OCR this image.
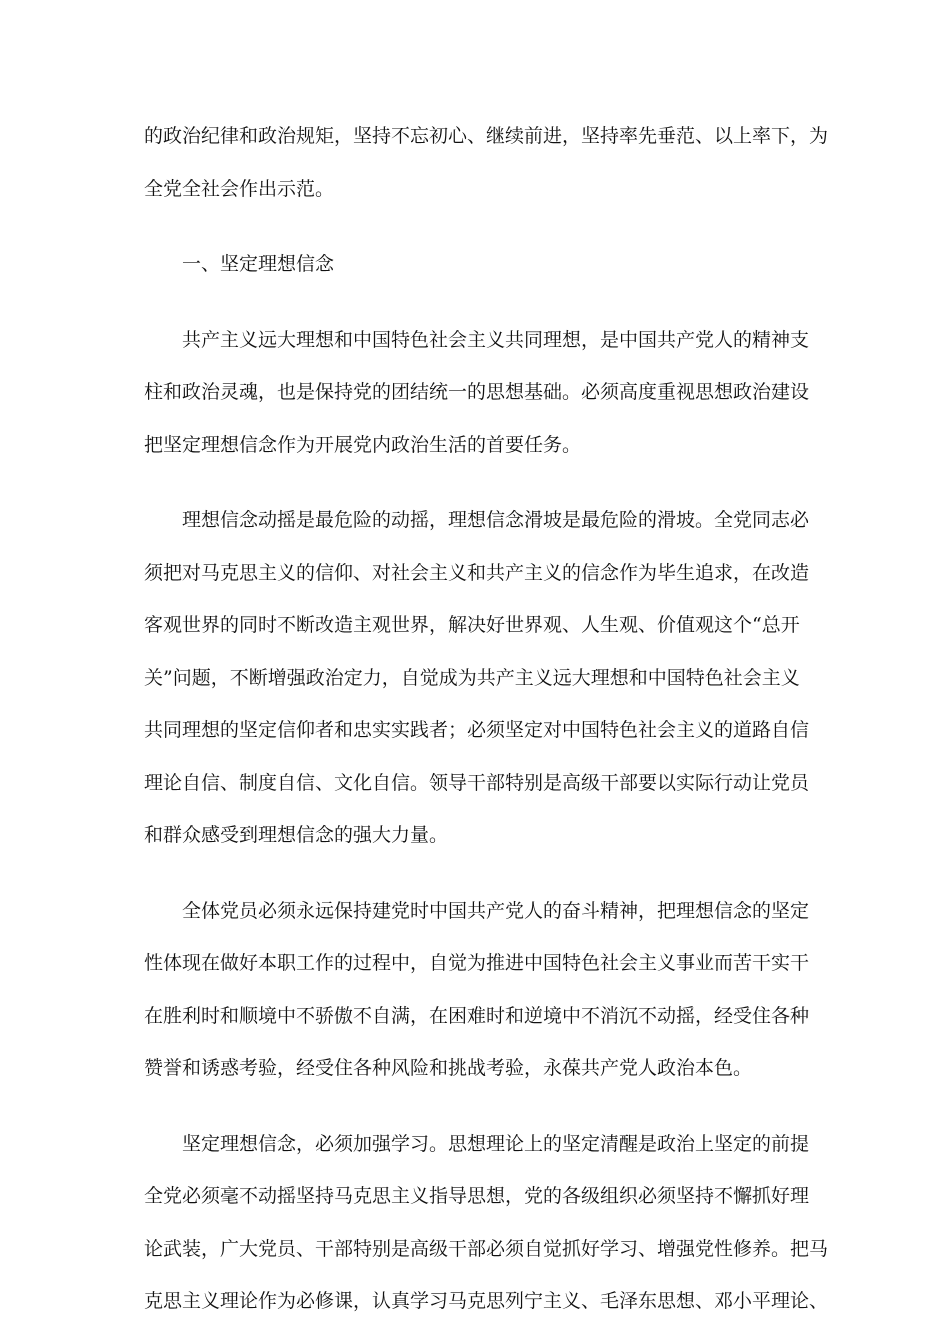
的政治纪律和政治规矩，坚持不忘初心、继续前进，坚持率先垂范、以上率下，为
全党全社会作出示范。

　　一、坚定理想信念

　　共产主义远大理想和中国特色社会主义共同理想，是中国共产党人的精神支
柱和政治灵魂，也是保持党的团结统一的思想基础。必须高度重视思想政治建设
把坚定理想信念作为开展党内政治生活的首要任务。

　　理想信念动摇是最危险的动摇，理想信念滑坡是最危险的滑坡。全党同志必
须把对马克思主义的信仰、对社会主义和共产主义的信念作为毕生追求，在改造
客观世界的同时不断改造主观世界，解决好世界观、人生观、价值观这个“总开
关”问题，不断增强政治定力，自觉成为共产主义远大理想和中国特色社会主义
共同理想的坚定信仰者和忠实实践者；必须坚定对中国特色社会主义的道路自信
理论自信、制度自信、文化自信。领导干部特别是高级干部要以实际行动让党员
和群众感受到理想信念的强大力量。

　　全体党员必须永远保持建党时中国共产党人的奋斗精神，把理想信念的坚定
性体现在做好本职工作的过程中，自觉为推进中国特色社会主义事业而苦干实干
在胜利时和顺境中不骄傲不自满，在困难时和逆境中不消沉不动摇，经受住各种
赞誉和诱惑考验，经受住各种风险和挑战考验，永葆共产党人政治本色。

　　坚定理想信念，必须加强学习。思想理论上的坚定清醒是政治上坚定的前提
全党必须毫不动摇坚持马克思主义指导思想，党的各级组织必须坚持不懈抓好理
论武装，广大党员、干部特别是高级干部必须自觉抓好学习、增强党性修养。把马
克思主义理论作为必修课，认真学习马克思列宁主义、毛泽东思想、邓小平理论、
